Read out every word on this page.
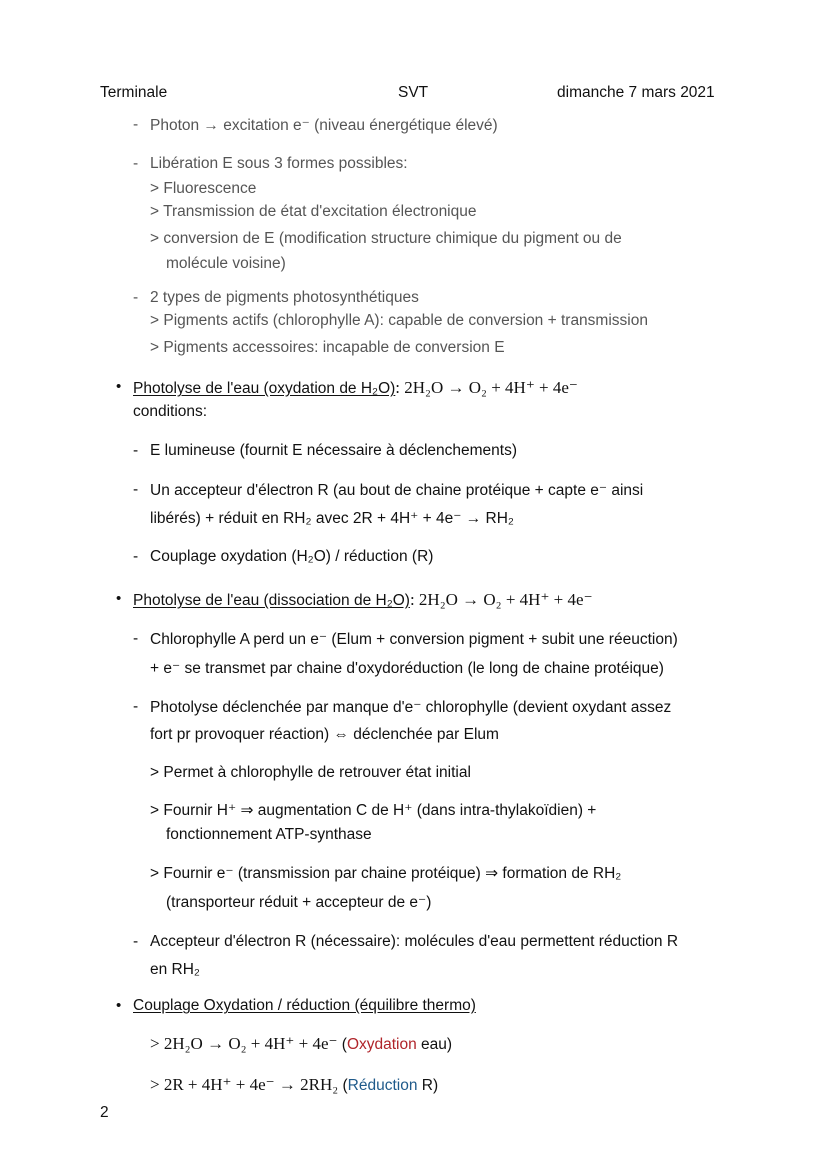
Terminale	SVT	dimanche 7 mars 2021
- Photon → excitation e⁻ (niveau énergétique élevé)
- Libération E sous 3 formes possibles:
> Fluorescence
> Transmission de état d'excitation électronique
> conversion de E (modification structure chimique du pigment ou de
molécule voisine)
- 2 types de pigments photosynthétiques
> Pigments actifs (chlorophylle A): capable de conversion + transmission
> Pigments accessoires: incapable de conversion E
• Photolyse de l'eau (oxydation de H₂O): 2H₂O → O₂ + 4H⁺ + 4e⁻
conditions:
- E lumineuse (fournit E nécessaire à déclenchements)
- Un accepteur d'électron R (au bout de chaine protéique + capte e⁻ ainsi
libérés) + réduit en RH₂ avec 2R + 4H⁺ + 4e⁻ → RH₂
- Couplage oxydation (H₂O) / réduction (R)
• Photolyse de l'eau (dissociation de H₂O): 2H₂O → O₂ + 4H⁺ + 4e⁻
- Chlorophylle A perd un e⁻ (Elum + conversion pigment + subit une réeuction)
+ e⁻ se transmet par chaine d'oxydoréduction (le long de chaine protéique)
- Photolyse déclenchée par manque d'e⁻ chlorophylle (devient oxydant assez
fort pr provoquer réaction) ⇔ déclenchée par Elum
> Permet à chlorophylle de retrouver état initial
> Fournir H⁺ ⇒ augmentation C de H⁺ (dans intra-thylakoïdien) +
fonctionnement ATP-synthase
> Fournir e⁻ (transmission par chaine protéique) ⇒ formation de RH₂
(transporteur réduit + accepteur de e⁻)
- Accepteur d'électron R (nécessaire): molécules d'eau permettent réduction R
en RH₂
• Couplage Oxydation / réduction (équilibre thermo)
> 2H₂O → O₂ + 4H⁺ + 4e⁻ (Oxydation eau)
> 2R + 4H⁺ + 4e⁻ → 2RH₂ (Réduction R)
2
